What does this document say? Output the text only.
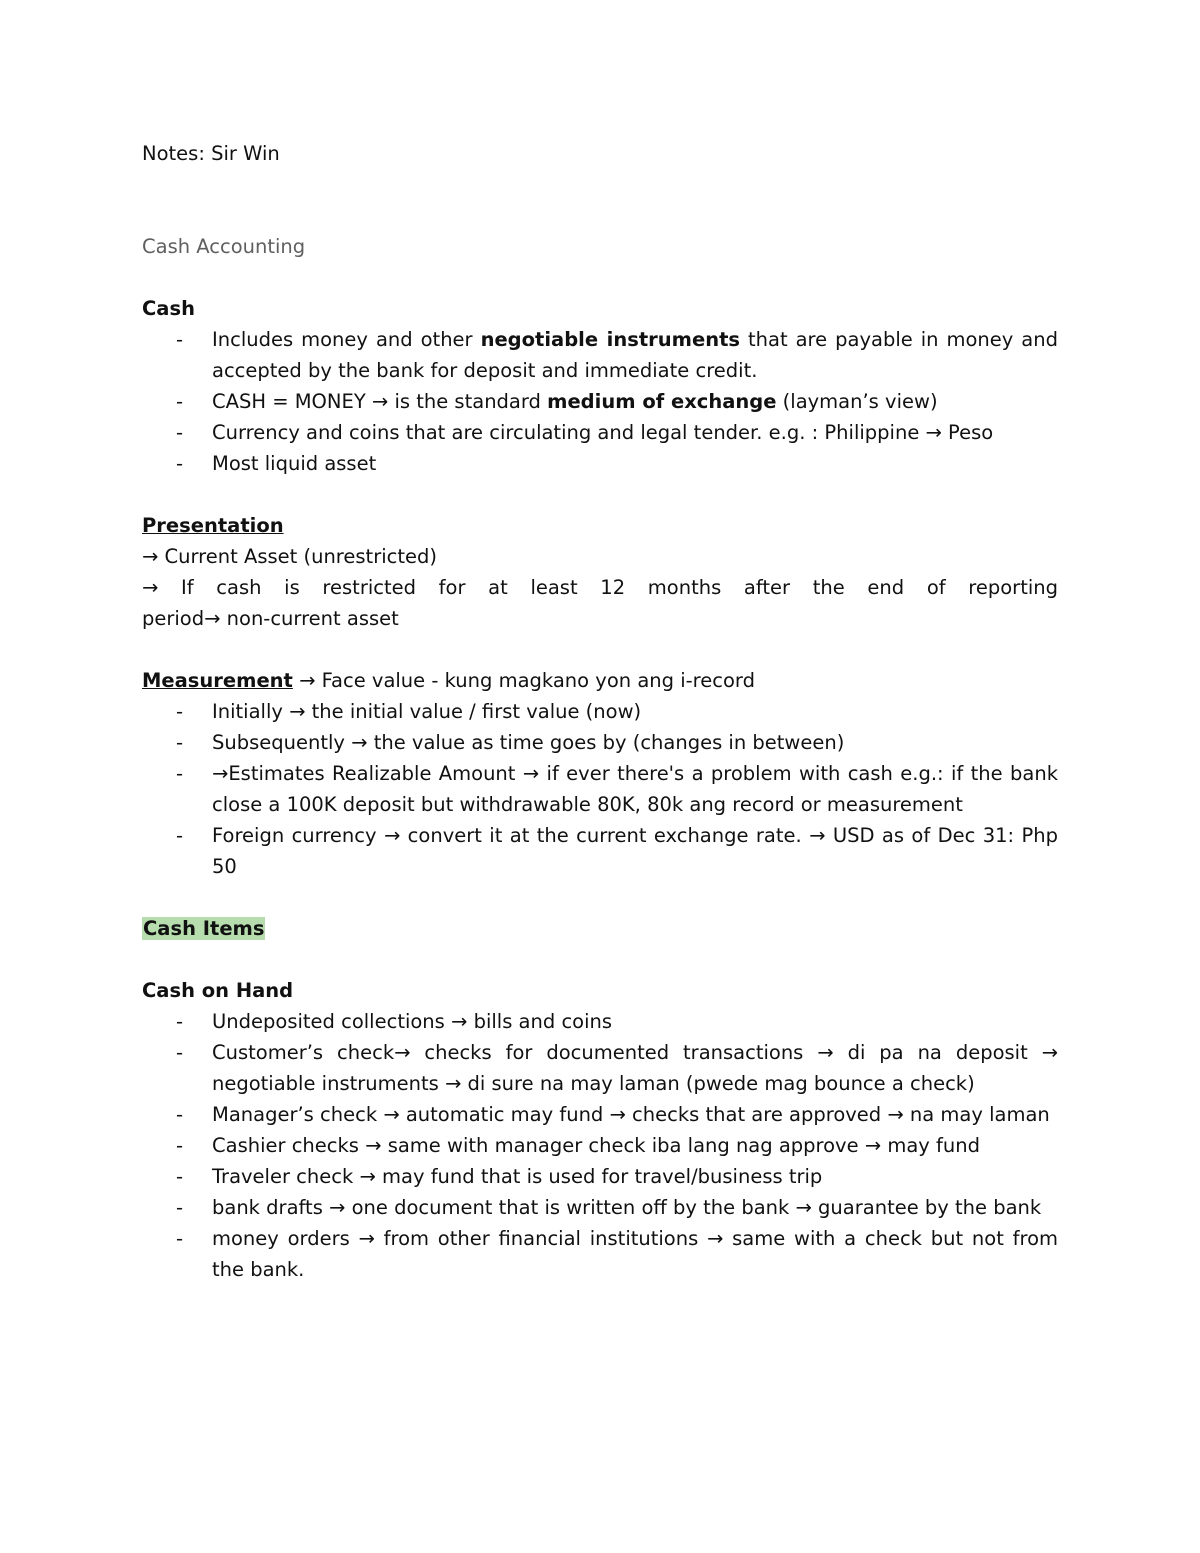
Notes: Sir Win

Cash Accounting

Cash

- Includes money and other negotiable instruments that are payable in money and accepted by the bank for deposit and immediate credit.
- CASH = MONEY → is the standard medium of exchange (layman’s view)
- Currency and coins that are circulating and legal tender. e.g. : Philippine → Peso
- Most liquid asset

Presentation

→ Current Asset (unrestricted)

→ If cash is restricted for at least 12 months after the end of reporting

period→ non-current asset

Measurement → Face value - kung magkano yon ang i-record

- Initially → the initial value / first value (now)
- Subsequently → the value as time goes by (changes in between)
- →Estimates Realizable Amount → if ever there's a problem with cash e.g.: if the bank close a 100K deposit but withdrawable 80K, 80k ang record or measurement
- Foreign currency → convert it at the current exchange rate. → USD as of Dec 31: Php 50

Cash Items

Cash on Hand

- Undeposited collections → bills and coins
- Customer’s check→ checks for documented transactions → di pa na deposit → negotiable instruments → di sure na may laman (pwede mag bounce a check)
- Manager’s check → automatic may fund → checks that are approved → na may laman
- Cashier checks → same with manager check iba lang nag approve → may fund
- Traveler check → may fund that is used for travel/business trip
- bank drafts → one document that is written off by the bank → guarantee by the bank
- money orders → from other financial institutions → same with a check but not from the bank.
